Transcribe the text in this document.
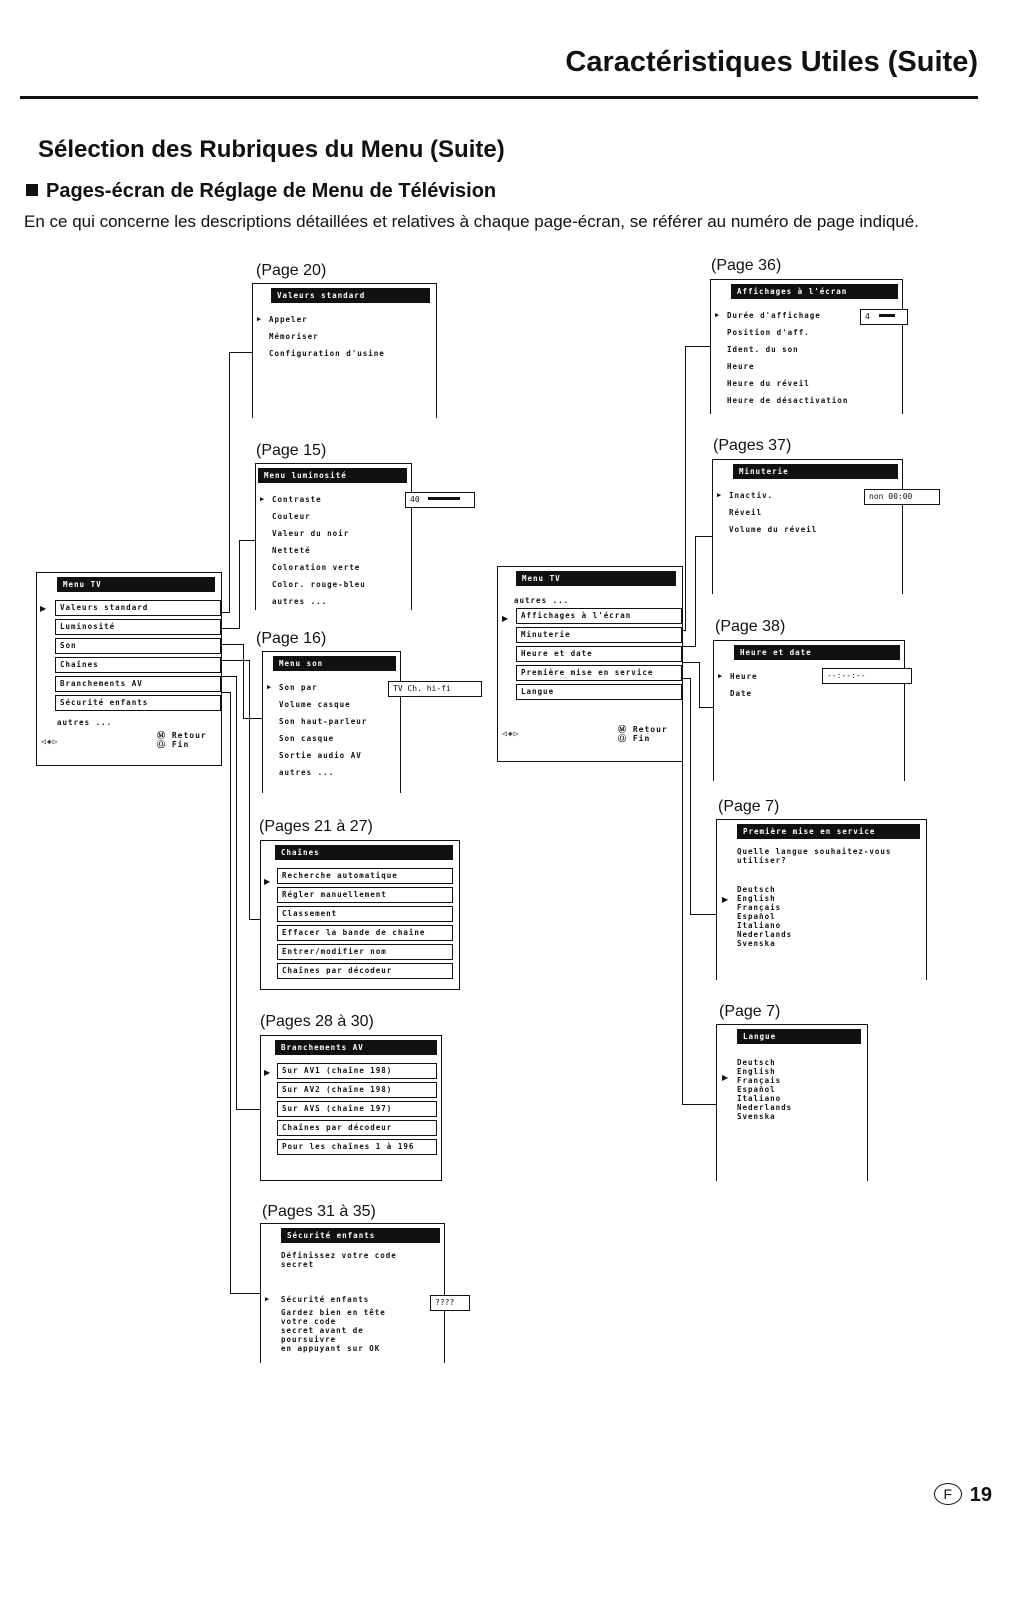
Caractéristiques Utiles (Suite)
Sélection des Rubriques du Menu (Suite)
Pages-écran de Réglage de Menu de Télévision
En ce qui concerne les descriptions détaillées et relatives à chaque page-écran, se référer au numéro de page indiqué.
Menu TV
Valeurs standard
Luminosité
Son
Chaînes
Branchements AV
Sécurité enfants
autres ...
◁◈▷
Ⓜ Retour
Ⓞ Fin
▶
Menu TV
autres ...
Affichages à l'écran
Minuterie
Heure et date
Première mise en service
Langue
◁◈▷	Ⓜ Retour
Ⓞ Fin
▶
(Page 20)
Valeurs standard
▶ Appeler
Mémoriser
Configuration d'usine
(Page 15)
Menu luminosité
▶ Contraste
Couleur
Valeur du noir
Netteté
Coloration verte
Color. rouge-bleu
autres ...
40
(Page 16)
Menu son
▶ Son par
Volume casque
Son haut-parleur
Son casque
Sortie audio AV
autres ...
TV Ch. hi-fi
(Pages 21 à 27)
Chaînes
Recherche automatique
Régler manuellement
Classement
Effacer la bande de chaîne
Entrer/modifier nom
Chaînes par décodeur
▶
(Pages 28 à 30)
Branchements AV
Sur AV1 (chaîne 198)
Sur AV2 (chaîne 198)
Sur AVS (chaîne 197)
Chaînes par décodeur
Pour les chaînes 1 à 196
▶
(Pages 31 à 35)
Sécurité enfants
Définissez votre code secret
▶ Sécurité enfants
Gardez bien en tête
votre code
secret avant de
poursuivre
en appuyant sur OK
????
(Page 36)
Affichages à l'écran
▶ Durée d'affichage
Position d'aff.
Ident. du son
Heure
Heure du réveil
Heure de désactivation
4
(Pages 37)
Minuterie
▶ Inactiv.
Réveil
Volume du réveil
non 00:00
(Page 38)
Heure et date
▶ Heure
Date
--:--:--
(Page 7)
Première mise en service
Quelle langue souhaitez-vous utiliser?
Deutsch
English
Français
Español
Italiano
Nederlands
Svenska
▶
(Page 7)
Langue
Deutsch
English
Français
Español
Italiano
Nederlands
Svenska
▶
F 19
